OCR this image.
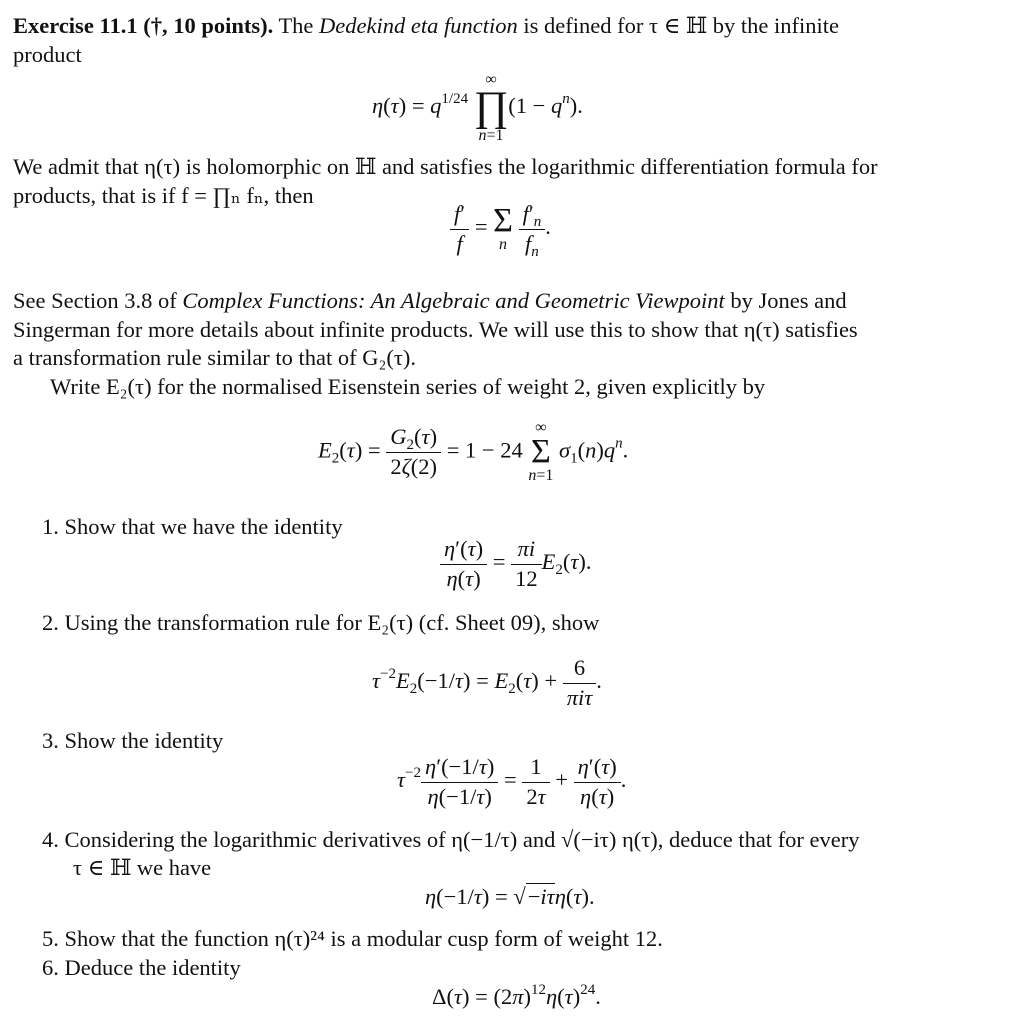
Exercise 11.1 (†, 10 points). The Dedekind eta function is defined for τ ∈ ℍ by the infinite
product
$\eta(\tau) = q^{1/24}$
∞
∏
n=1
$(1 - q^n)$.
We admit that η(τ) is holomorphic on ℍ and satisfies the logarithmic differentiation formula for
products, that is if f = ∏ₙ fₙ, then
$\frac{f'}{f} = \Sigma$
n
$\frac{f'_n}{f_n}$ .
See Section 3.8 of Complex Functions: An Algebraic and Geometric Viewpoint by Jones and
Singerman for more details about infinite products. We will use this to show that η(τ) satisfies
a transformation rule similar to that of G₂(τ).
Write E₂(τ) for the normalised Eisenstein series of weight 2, given explicitly by
$E_2(\tau) = \frac{G_2(\tau)}{2\zeta(2)} = 1 - 24$
∞
Σ
n=1
$\sigma_1(n)q^n$.
1. Show that we have the identity
$\frac{\eta'(\tau)}{\eta(\tau)} = \frac{\pi i}{12} E_2(\tau)$.
2. Using the transformation rule for E₂(τ) (cf. Sheet 09), show
$\tau^{-2}E_2(-1/\tau) = E_2(\tau) + \frac{6}{\text{πiτ}}$ .
3. Show the identity
$\tau^{-2} \frac{\eta'(-1/\tau)}{\eta(-1/\tau)} = \frac{1}{2\tau} + \frac{\eta'(\tau)}{\eta(\tau)}$ .
4. Considering the logarithmic derivatives of η(−1/τ) and √(−iτ) η(τ), deduce that for every
τ ∈ ℍ we have
η(−1/τ) = √−iτη(τ).
5. Show that the function η(τ)²⁴ is a modular cusp form of weight 12.
6. Deduce the identity
$\Delta(\tau) = (2\pi)^{12}\eta(\tau)^{24}$.
